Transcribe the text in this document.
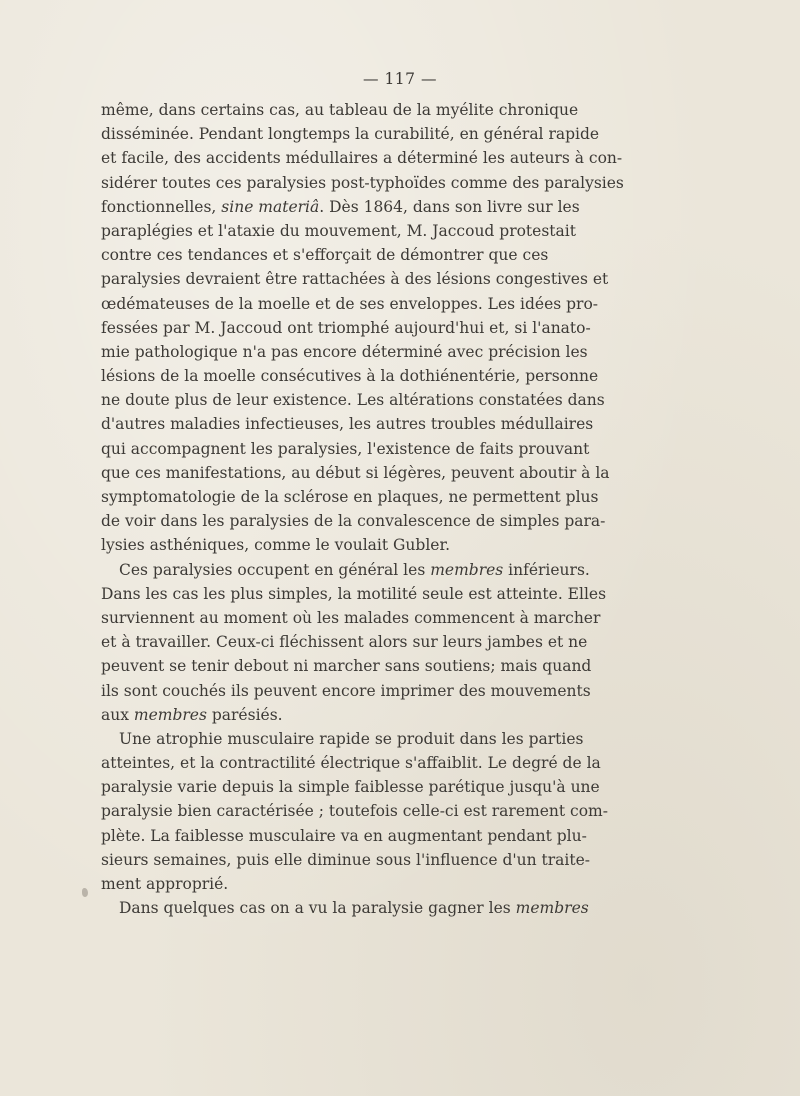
— 117 —
même, dans certains cas, au tableau de la myélite chronique
disséminée. Pendant longtemps la curabilité, en général rapide
et facile, des accidents médullaires a déterminé les auteurs à con-
sidérer toutes ces paralysies post-typhoïdes comme des paralysies
fonctionnelles, sine materiâ. Dès 1864, dans son livre sur les
paraplégies et l'ataxie du mouvement, M. Jaccoud protestait
contre ces tendances et s'efforçait de démontrer que ces
paralysies devraient être rattachées à des lésions congestives et
œdémateuses de la moelle et de ses enveloppes. Les idées pro-
fessées par M. Jaccoud ont triomphé aujourd'hui et, si l'anato-
mie pathologique n'a pas encore déterminé avec précision les
lésions de la moelle consécutives à la dothiénentérie, personne
ne doute plus de leur existence. Les altérations constatées dans
d'autres maladies infectieuses, les autres troubles médullaires
qui accompagnent les paralysies, l'existence de faits prouvant
que ces manifestations, au début si légères, peuvent aboutir à la
symptomatologie de la sclérose en plaques, ne permettent plus
de voir dans les paralysies de la convalescence de simples para-
lysies asthéniques, comme le voulait Gubler.
Ces paralysies occupent en général les membres inférieurs.
Dans les cas les plus simples, la motilité seule est atteinte. Elles
surviennent au moment où les malades commencent à marcher
et à travailler. Ceux-ci fléchissent alors sur leurs jambes et ne
peuvent se tenir debout ni marcher sans soutiens; mais quand
ils sont couchés ils peuvent encore imprimer des mouvements
aux membres parésiés.
Une atrophie musculaire rapide se produit dans les parties
atteintes, et la contractilité électrique s'affaiblit. Le degré de la
paralysie varie depuis la simple faiblesse parétique jusqu'à une
paralysie bien caractérisée ; toutefois celle-ci est rarement com-
plète. La faiblesse musculaire va en augmentant pendant plu-
sieurs semaines, puis elle diminue sous l'influence d'un traite-
ment approprié.
Dans quelques cas on a vu la paralysie gagner les membres
